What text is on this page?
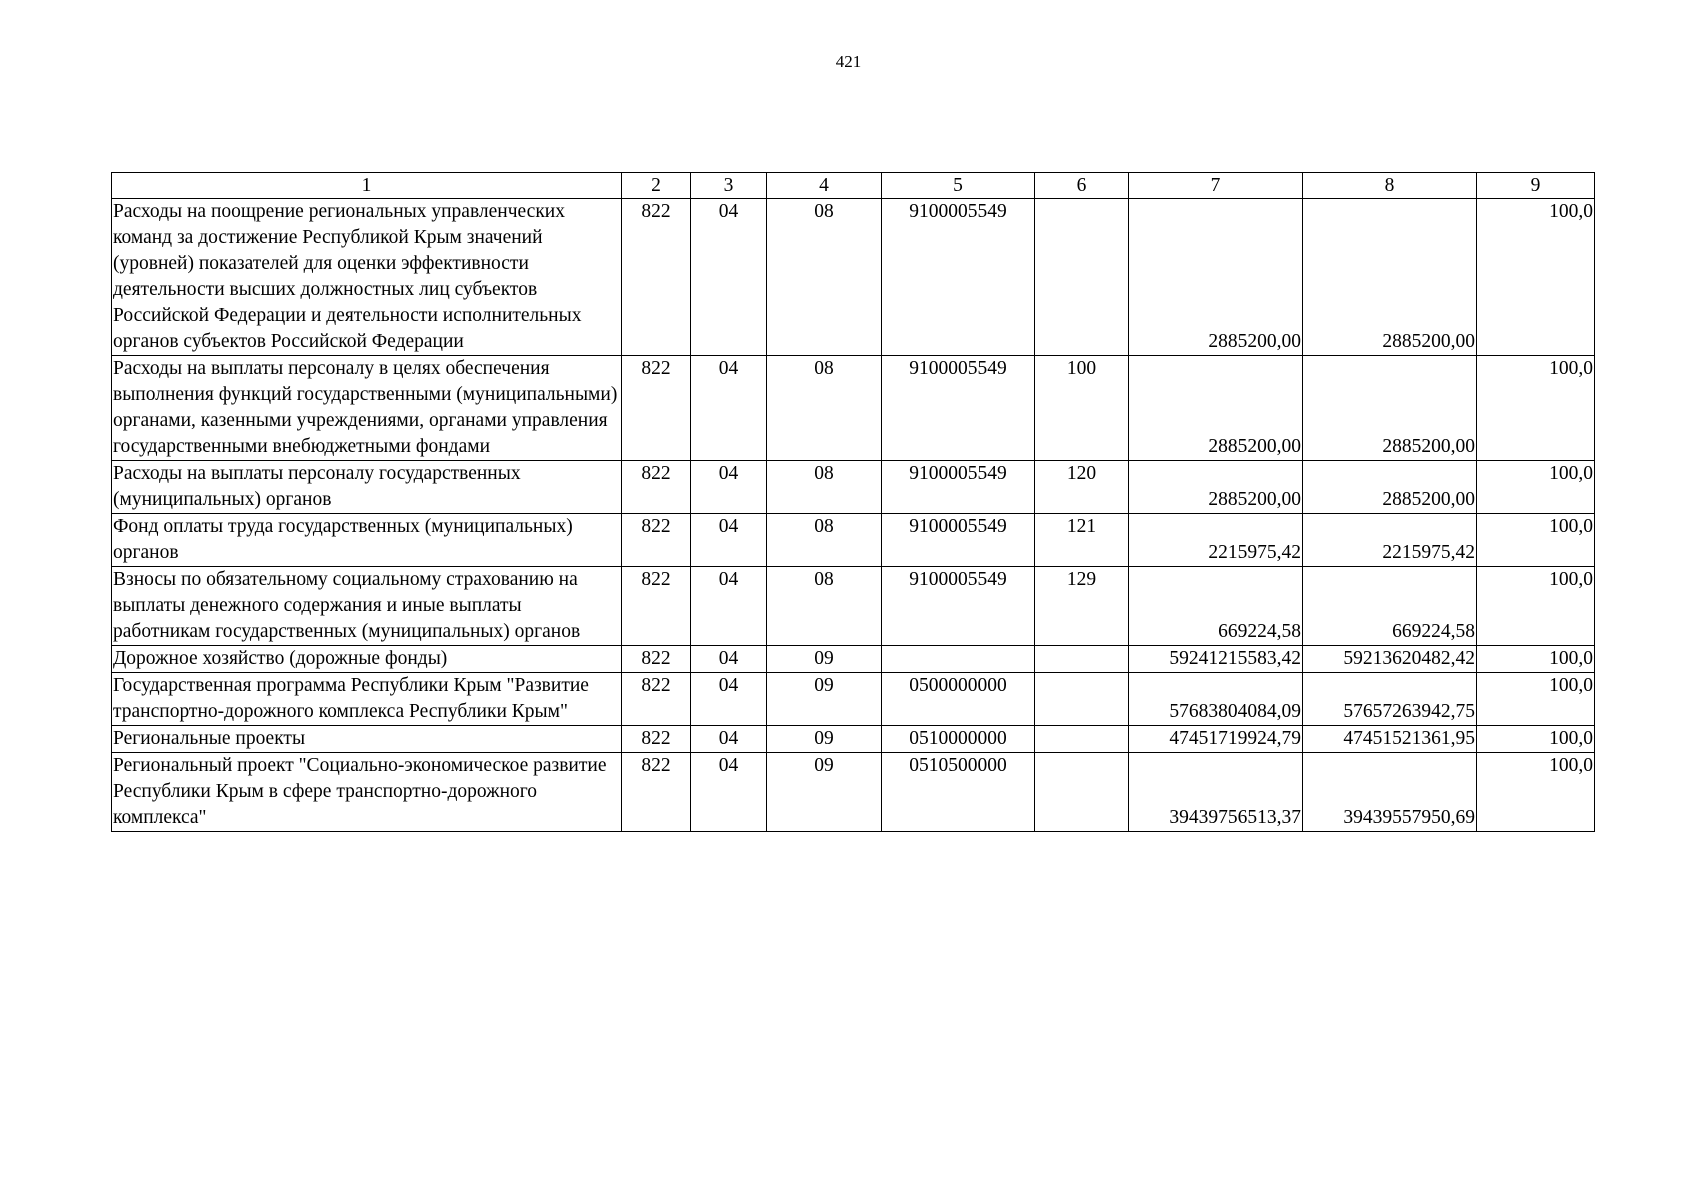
421
1	2	3	4	5	6	7	8	9
Расходы на поощрение региональных управленческих команд за достижение Республикой Крым значений (уровней) показателей для оценки эффективности деятельности высших должностных лиц субъектов Российской Федерации и деятельности исполнительных органов субъектов Российской Федерации	822	04	08	9100005549		2885200,00	2885200,00	100,0
Расходы на выплаты персоналу в целях обеспечения выполнения функций государственными (муниципальными) органами, казенными учреждениями, органами управления государственными внебюджетными фондами	822	04	08	9100005549	100	2885200,00	2885200,00	100,0
Расходы на выплаты персоналу государственных (муниципальных) органов	822	04	08	9100005549	120	2885200,00	2885200,00	100,0
Фонд оплаты труда государственных (муниципальных) органов	822	04	08	9100005549	121	2215975,42	2215975,42	100,0
Взносы по обязательному социальному страхованию на выплаты денежного содержания и иные выплаты работникам государственных (муниципальных) органов	822	04	08	9100005549	129	669224,58	669224,58	100,0
Дорожное хозяйство (дорожные фонды)	822	04	09			59241215583,42	59213620482,42	100,0
Государственная программа Республики Крым "Развитие транспортно-дорожного комплекса Республики Крым"	822	04	09	0500000000		57683804084,09	57657263942,75	100,0
Региональные проекты	822	04	09	0510000000		47451719924,79	47451521361,95	100,0
Региональный проект "Социально-экономическое развитие Республики Крым в сфере транспортно-дорожного комплекса"	822	04	09	0510500000		39439756513,37	39439557950,69	100,0
